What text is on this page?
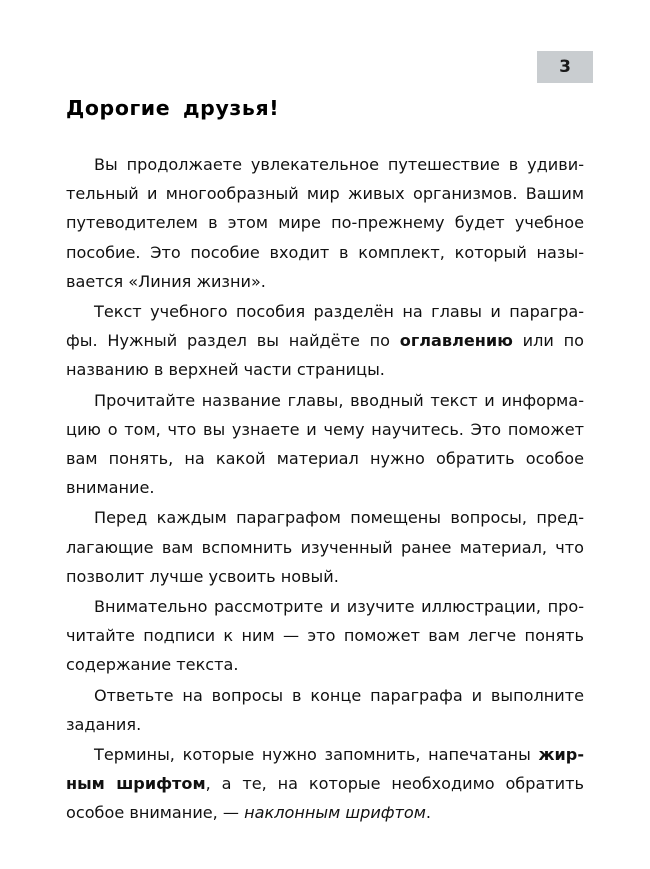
3
Дорогие друзья!

Вы продолжаете увлекательное путешествие в удивительный и многообразный мир живых организмов. Вашим путеводителем в этом мире по-прежнему будет учебное пособие. Это пособие входит в комплект, который называется «Линия жизни».

Текст учебного пособия разделён на главы и параграфы. Нужный раздел вы найдёте по оглавлению или по названию в верхней части страницы.

Прочитайте название главы, вводный текст и информацию о том, что вы узнаете и чему научитесь. Это поможет вам понять, на какой материал нужно обратить особое внимание.

Перед каждым параграфом помещены вопросы, предлагающие вам вспомнить изученный ранее материал, что позволит лучше усвоить новый.

Внимательно рассмотрите и изучите иллюстрации, прочитайте подписи к ним — это поможет вам легче понять содержание текста.

Ответьте на вопросы в конце параграфа и выполните задания.

Термины, которые нужно запомнить, напечатаны жирным шрифтом, а те, на которые необходимо обратить особое внимание, — наклонным шрифтом.
